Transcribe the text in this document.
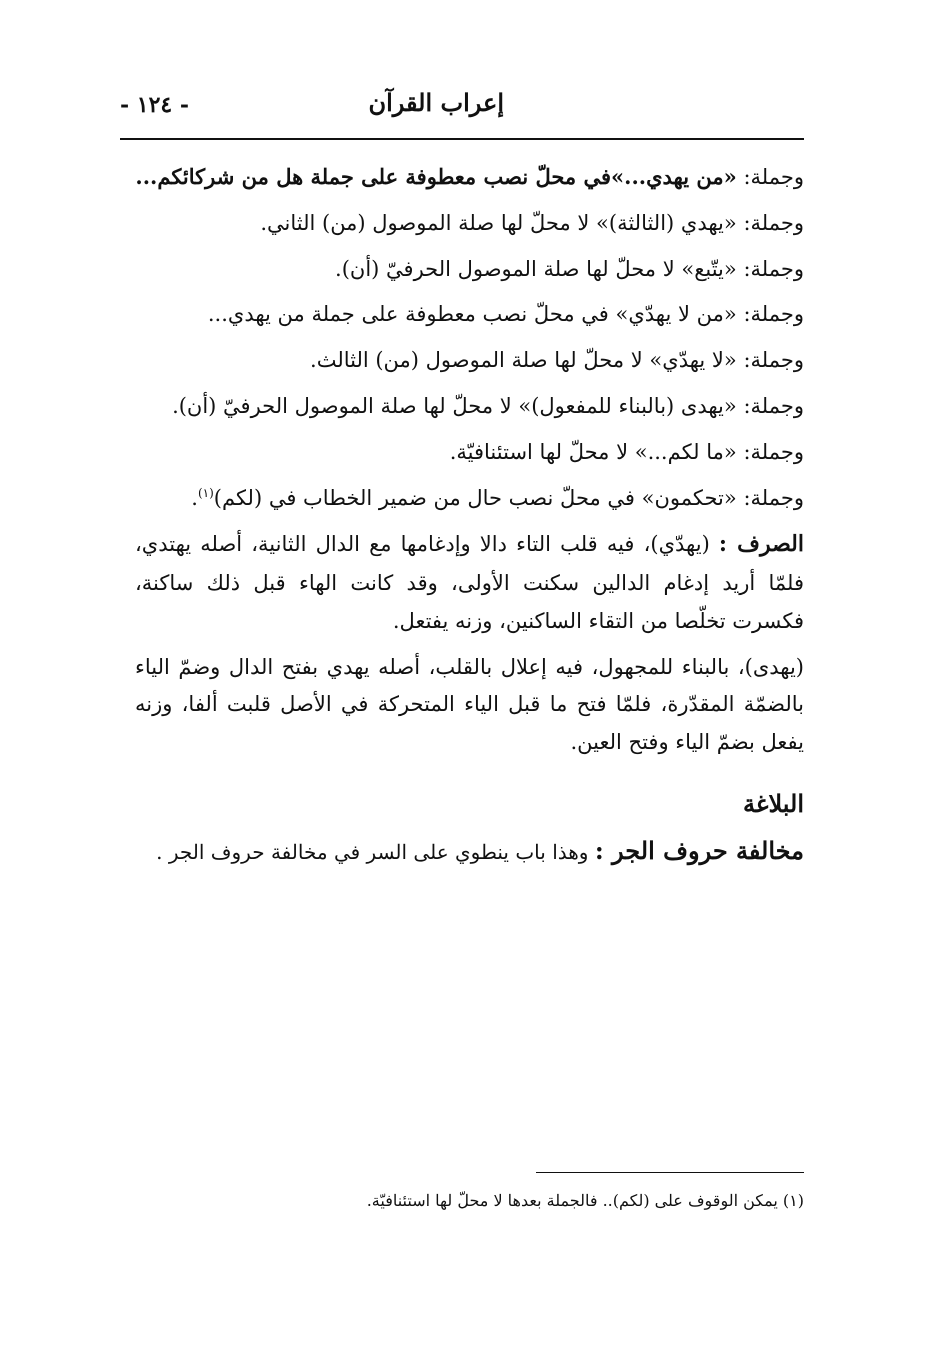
إعراب القرآن
- ١٢٤ -

وجملة: «من يهدي...»في محلّ نصب معطوفة على جملة هل من شركائكم...

وجملة: «يهدي (الثالثة)» لا محلّ لها صلة الموصول (من) الثاني.

وجملة: «يتّبع» لا محلّ لها صلة الموصول الحرفيّ (أن).

وجملة: «من لا يهدّي» في محلّ نصب معطوفة على جملة من يهدي...

وجملة: «لا يهدّي» لا محلّ لها صلة الموصول (من) الثالث.

وجملة: «يهدى (بالبناء للمفعول)» لا محلّ لها صلة الموصول الحرفيّ (أن).

وجملة: «ما لكم...» لا محلّ لها استئنافيّة.

وجملة: «تحكمون» في محلّ نصب حال من ضمير الخطاب في (لكم)$^{(١)}$.

الصرف : (يهدّي)، فيه قلب التاء دالا وإدغامها مع الدال الثانية، أصله يهتدي، فلمّا أريد إدغام الدالين سكنت الأولى، وقد كانت الهاء قبل ذلك ساكنة، فكسرت تخلّصا من التقاء الساكنين، وزنه يفتعل.

(يهدى)، بالبناء للمجهول، فيه إعلال بالقلب، أصله يهدي بفتح الدال وضمّ الياء بالضمّة المقدّرة، فلمّا فتح ما قبل الياء المتحركة في الأصل قلبت ألفا، وزنه يفعل بضمّ الياء وفتح العين.

البلاغة

مخالفة حروف الجر : وهذا باب ينطوي على السر في مخالفة حروف الجر .

(١) يمكن الوقوف على (لكم).. فالجملة بعدها لا محلّ لها استئنافيّة.
